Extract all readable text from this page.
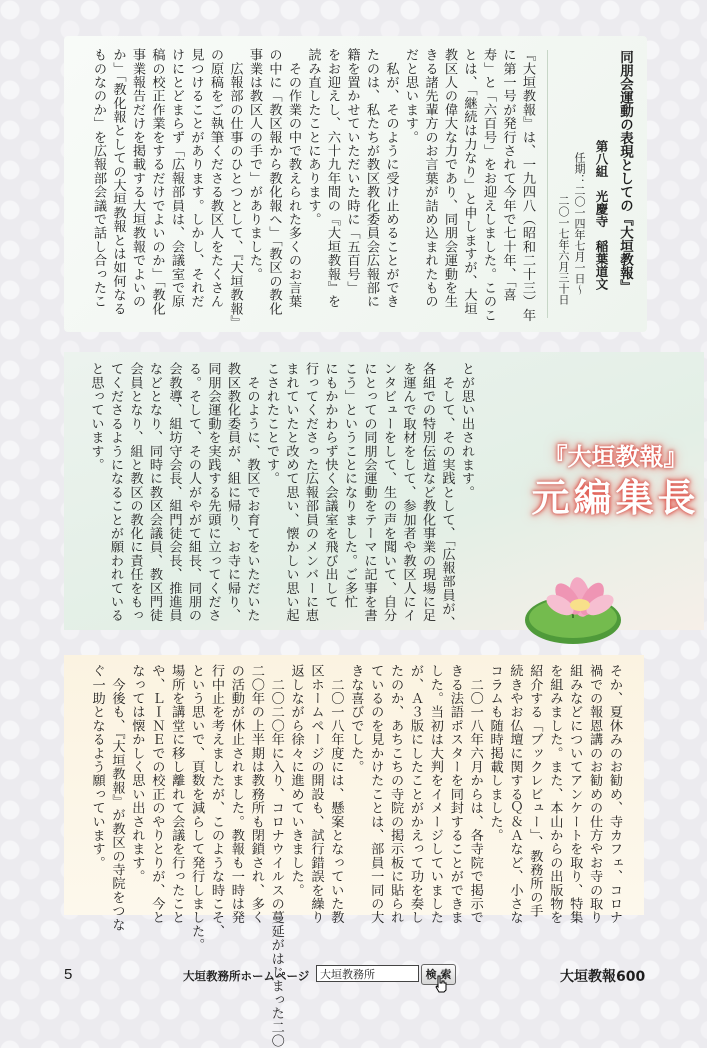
同朋会運動の表現としての『大垣教報』
第八組　光慶寺　稲葉道文
任期：二〇一四年七月一日〜
二〇一七年六月三十日
『大垣教報』は、一九四八（昭和二十三）年
に第一号が発行されて今年で七十年、「喜
寿」と「六百号」をお迎えしました。このこ
とは、「継続は力なり」と申しますが、大垣
教区人の偉大な力であり、同朋会運動を生
きる諸先輩方のお言葉が詰め込まれたもの
だと思います。
　私が、そのように受け止めることができ
たのは、私たちが教区教化委員会広報部に
籍を置かせていただいた時に「五百号」
をお迎えし、六十九年間の『大垣教報』を
読み直したことにあります。
　その作業の中で教えられた多くのお言葉
の中に「教区報から教化報へ」「教区の教化
事業は教区人の手で」がありました。
　広報部の仕事のひとつとして、『大垣教報』
の原稿をご執筆くださる教区人をたくさん
見つけることがあります。しかし、それだ
けにとどまらず「広報部員は、会議室で原
稿の校正作業をするだけでよいのか」「教化
事業報告だけを掲載する大垣教報でよいの
か」「教化報としての大垣教報とは如何なる
ものなのか」を広報部会議で話し合ったこ
とが思い出されます。
　そして、その実践として、「広報部員が、
各組での特別伝道など教化事業の現場に足
を運んで取材をして、参加者や教区人にイ
ンタビューをして、生の声を聞いて、自分
にとっての同朋会運動をテーマに記事を書
こう」ということになりました。ご多忙
にもかかわらず快く会議室を飛び出して
行ってくださった広報部員のメンバーに恵
まれていたと改めて思い、懐かしい思い起
こされたことです。
　そのように、教区でお育てをいただいた
教区教化委員が、組に帰り、お寺に帰り、
同朋会運動を実践する先頭に立ってくださ
る。そして、その人がやがて組長、同朋の
会教導、組坊守会長、組門徒会長、推進員
などとなり、同時に教区会議員、教区門徒
会員となり、組と教区の教化に責任をもっ
てくださるようになることが願われている
と思っています。
そか、夏休みのお勧め、寺カフェ、コロナ
禍での報恩講のお勧めの仕方やお寺の取り
組みなどについてアンケートを取り、特集
を組みました。また、本山からの出版物を
紹介する「ブックレビュー」、教務所の手
続きやお仏壇に関するＱ＆Ａなど、小さな
コラムも随時掲載しました。
　二〇一八年六月からは、各寺院で掲示で
きる法語ポスターを同封することができま
した。当初は大判をイメージしていました
が、Ａ３版にしたことがかえって功を奏し
たのか、あちこちの寺院の掲示板に貼られ
ているのを見かけたことは、部員一同の大
きな喜びでした。
　二〇一八年度には、懸案となっていた教
区ホームページの開設も、試行錯誤を繰り
返しながら徐々に進めていきました。
　二〇二〇年に入り、コロナウイルスの蔓延がはじまった二〇
二〇年の上半期は教務所も閉鎖され、多く
の活動が休止されました。教報も一時は発
行中止を考えましたが、このような時こそ、
という思いで、頁数を減らして発行しました。
場所を講堂に移し離れて会議を行ったこと
や、ＬＩＮＥでの校正のやりとりが、今と
なっては懐かしく思い出されます。
　今後も、『大垣教報』が教区の寺院をつな
ぐ一助となるよう願っています。
『大垣教報』
元編集長
5	大垣教務所ホームページ 大垣教務所	検 索	大垣教報600
